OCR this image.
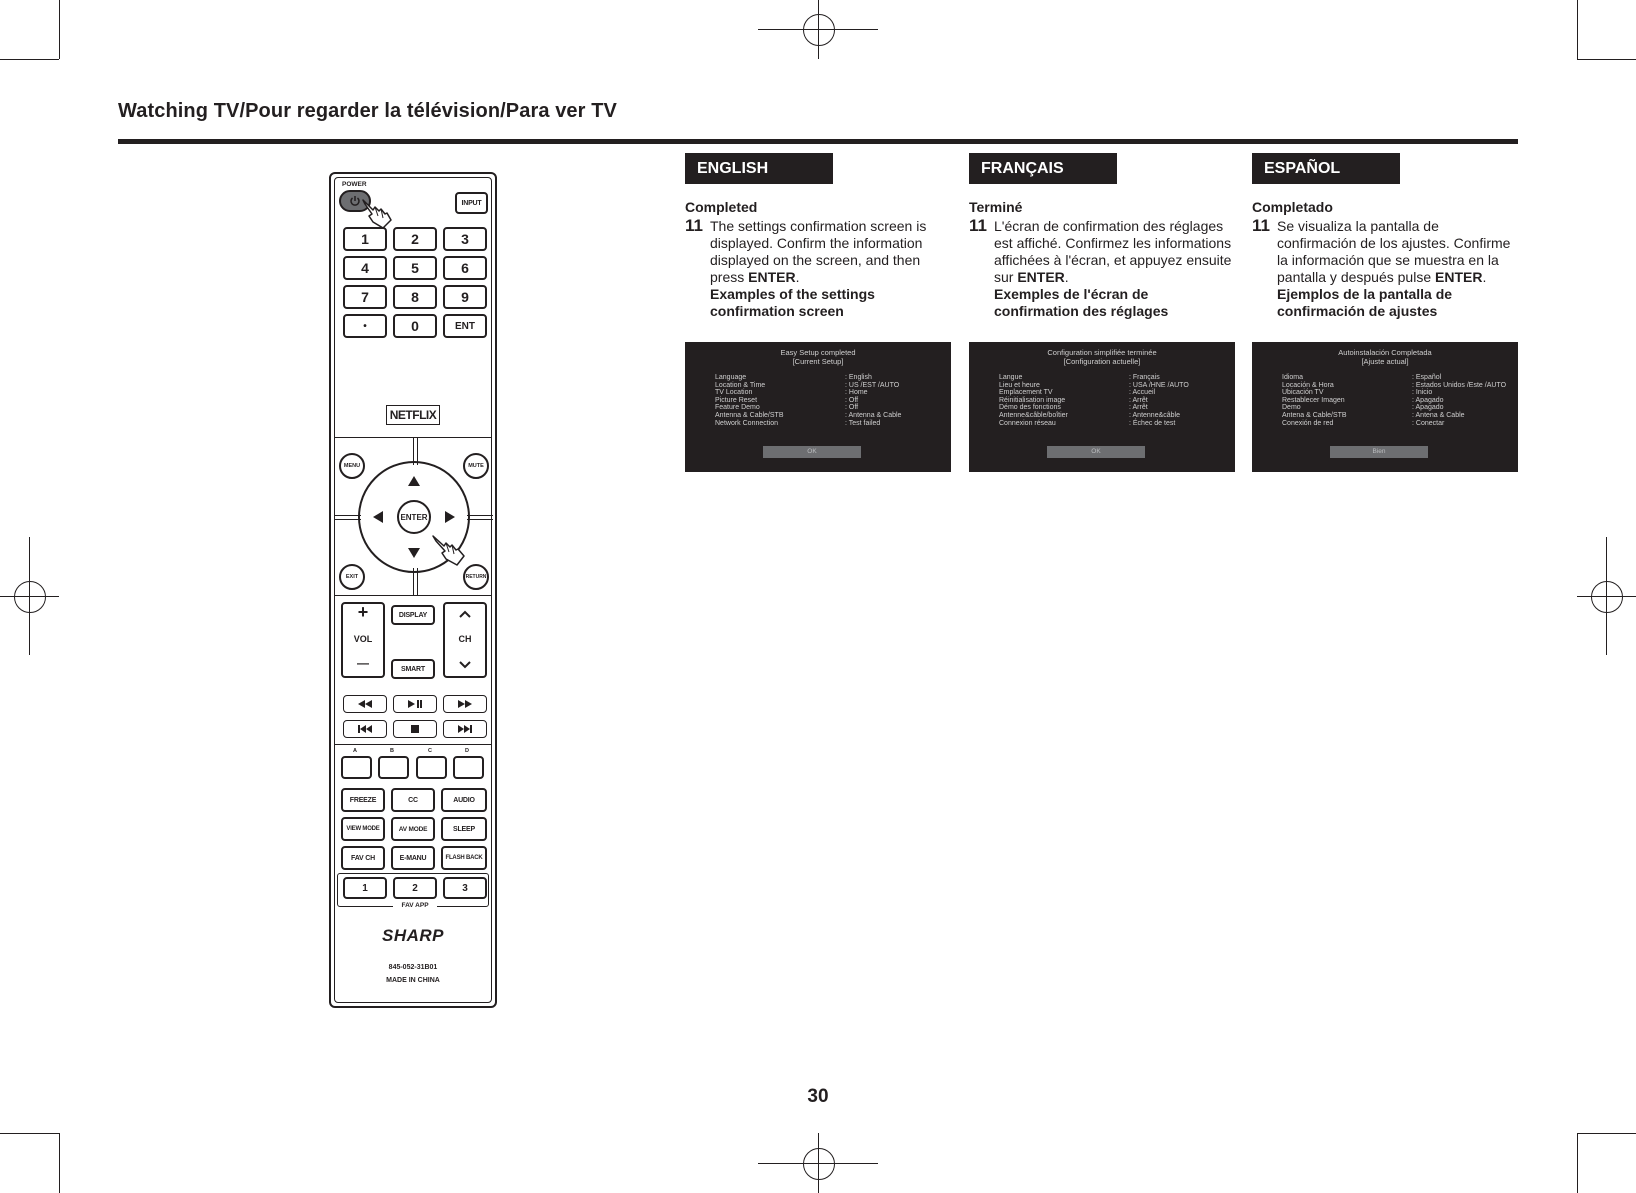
Watching TV/Pour regarder la télévision/Para ver TV
POWER
INPUT
1	2	3
4	5	6
7	8	9
•	0	ENT
NETFLIX
MENU	MUTE
EXIT	RETURN
ENTER
+
VOL
—
DISPLAY
SMART
CH
A	B	C	D
FREEZE	CC	AUDIO
VIEW MODE	AV MODE	SLEEP
FAV CH	E-MANU	FLASH BACK
1	2	3
FAV APP
SHARP
845-052-31B01
MADE IN CHINA
ENGLISH
Completed
11 The settings confirmation screen is displayed. Confirm the information displayed on the screen, and then press ENTER.
Examples of the settings confirmation screen
Easy Setup completed
[Current Setup]
Language	: English
Location & Time	: US /EST /AUTO
TV Location	: Home
Picture Reset	: Off
Feature Demo	: Off
Antenna & Cable/STB	: Antenna & Cable
Network Connection	: Test failed
OK
FRANÇAIS
Terminé
11 L'écran de confirmation des réglages est affiché. Confirmez les informations affichées à l'écran, et appuyez ensuite sur ENTER.
Exemples de l'écran de confirmation des réglages
Configuration simplifiée terminée
[Configuration actuelle]
Langue	: Français
Lieu et heure	: USA /HNE /AUTO
Emplacement TV	: Accueil
Réinitialisation image	: Arrêt
Démo des fonctions	: Arrêt
Antenne&câble/boîtier	: Antenne&câble
Connexion réseau	: Échec de test
OK
ESPAÑOL
Completado
11 Se visualiza la pantalla de confirmación de los ajustes. Confirme la información que se muestra en la pantalla y después pulse ENTER.
Ejemplos de la pantalla de confirmación de ajustes
Autoinstalación Completada
[Ajuste actual]
Idioma	: Español
Locación & Hora	: Estados Unidos /Este /AUTO
Ubicación TV	: Inicio
Restablecer Imagen	: Apagado
Demo	: Apagado
Antena & Cable/STB	: Antena & Cable
Conexión de red	: Conectar
Bien
30
